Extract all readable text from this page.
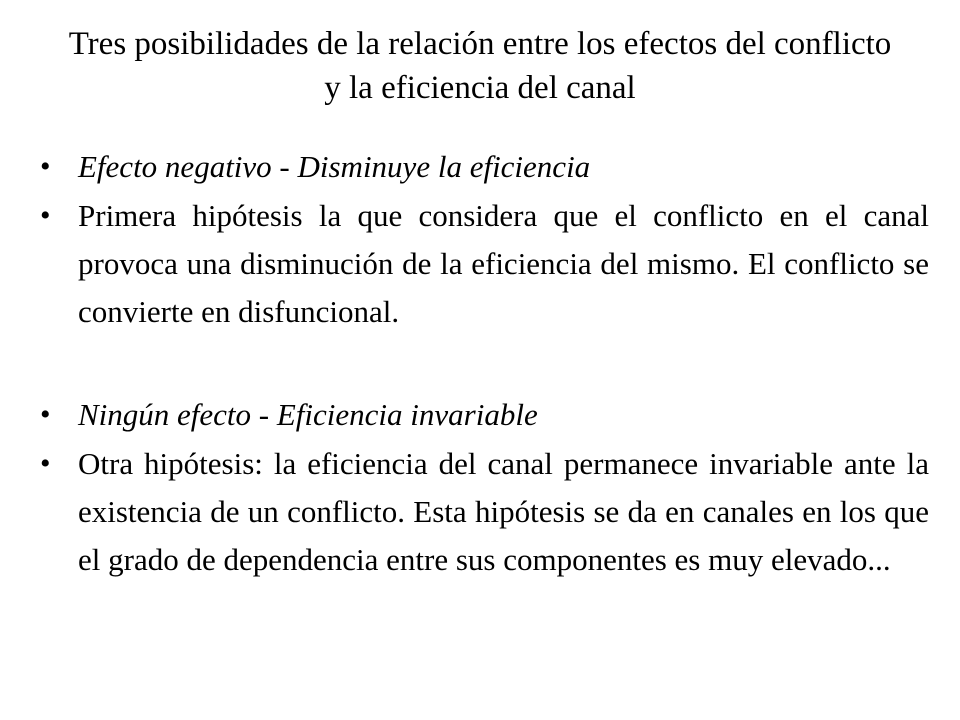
Tres posibilidades de la relación entre los efectos del conflicto y la eficiencia del canal
• Efecto negativo - Disminuye la eficiencia
• Primera hipótesis la que considera que el conflicto en el canal provoca una disminución de la eficiencia del mismo. El conflicto se convierte en disfuncional.
• Ningún efecto - Eficiencia invariable
• Otra hipótesis: la eficiencia del canal permanece invariable ante la existencia de un conflicto. Esta hipótesis se da en canales en los que el grado de dependencia entre sus componentes es muy elevado...
